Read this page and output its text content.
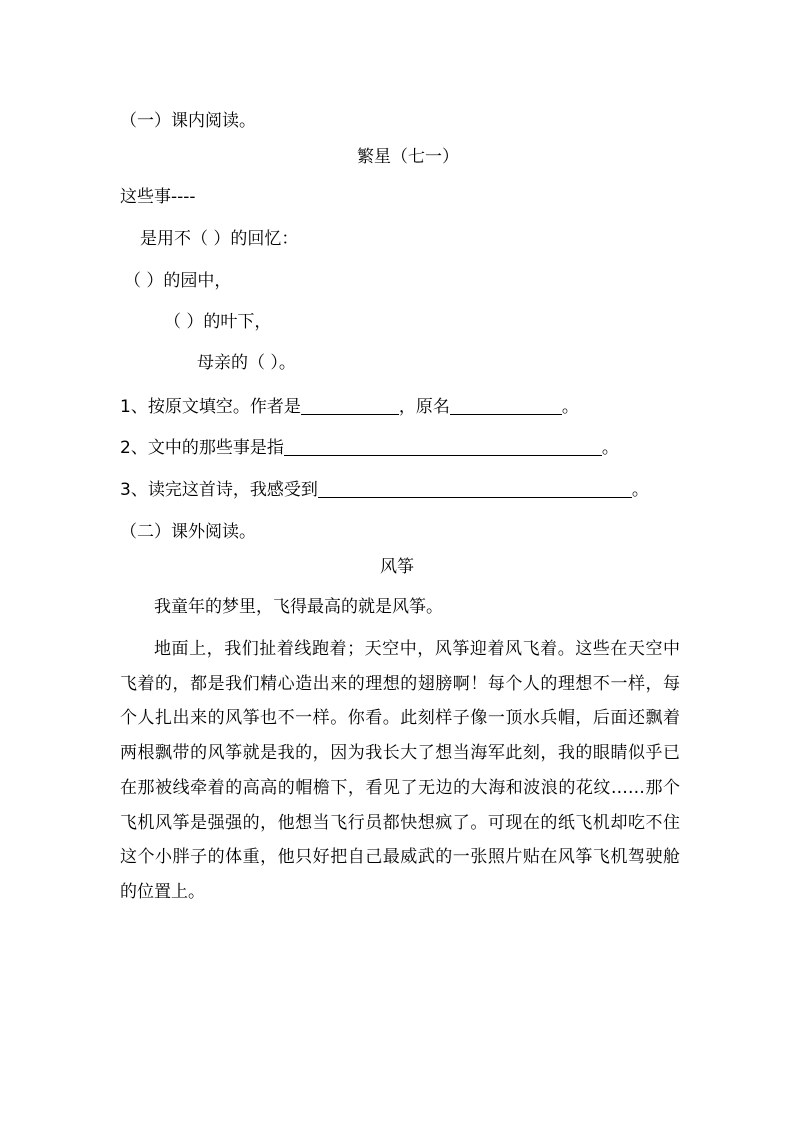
（一）课内阅读。
繁星（七一）
这些事----
是用不（ ）的回忆：
（ ）的园中，
（ ）的叶下，
母亲的（ ）。
1、按原文填空。作者是	，原名	。
2、文中的那些事是指	。
3、读完这首诗，我感受到	。
（二）课外阅读。
风筝
我童年的梦里，飞得最高的就是风筝。
地面上，我们扯着线跑着；天空中，风筝迎着风飞着。这些在天空中飞着的，都是我们精心造出来的理想的翅膀啊！每个人的理想不一样，每个人扎出来的风筝也不一样。你看。此刻样子像一顶水兵帽，后面还飘着两根飘带的风筝就是我的，因为我长大了想当海军此刻，我的眼睛似乎已在那被线牵着的高高的帽檐下，看见了无边的大海和波浪的花纹……那个飞机风筝是强强的，他想当飞行员都快想疯了。可现在的纸飞机却吃不住这个小胖子的体重，他只好把自己最威武的一张照片贴在风筝飞机驾驶舱的位置上。
